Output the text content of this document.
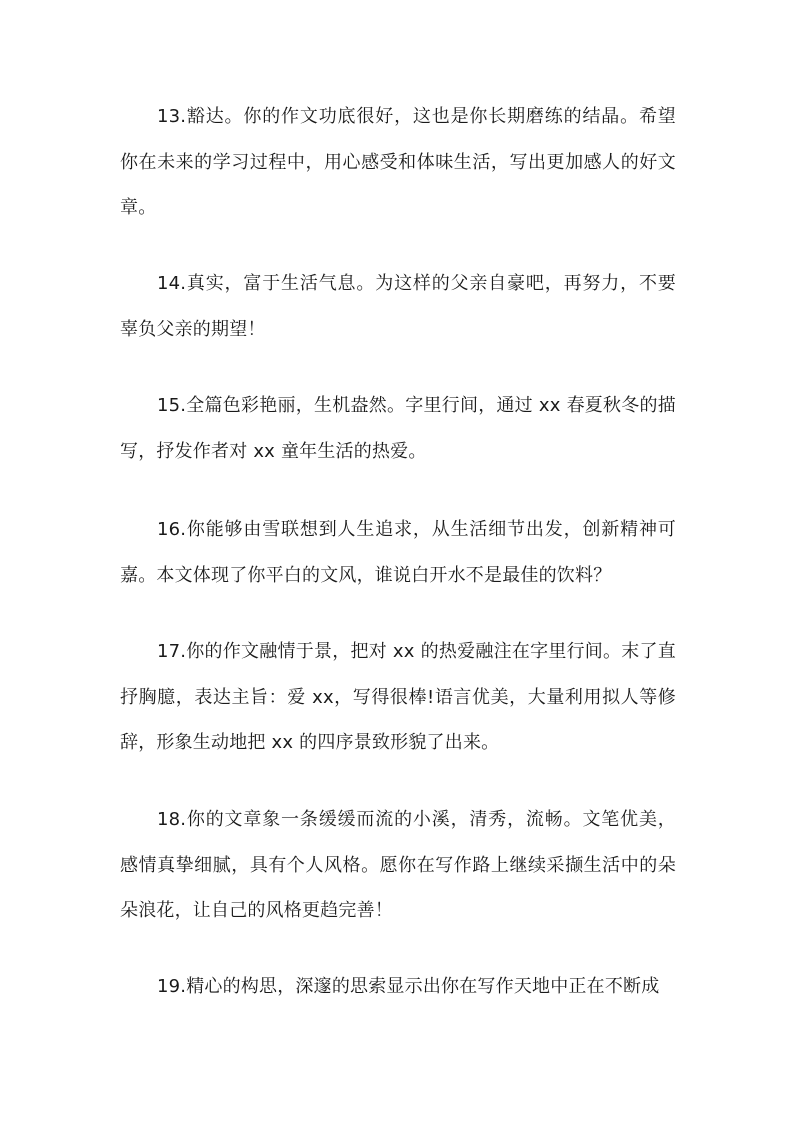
13.豁达。你的作文功底很好，这也是你长期磨练的结晶。希望你在未来的学习过程中，用心感受和体味生活，写出更加感人的好文章。

14.真实，富于生活气息。为这样的父亲自豪吧，再努力，不要辜负父亲的期望！

15.全篇色彩艳丽，生机盎然。字里行间，通过 xx 春夏秋冬的描写，抒发作者对 xx 童年生活的热爱。

16.你能够由雪联想到人生追求，从生活细节出发，创新精神可嘉。本文体现了你平白的文风，谁说白开水不是最佳的饮料？

17.你的作文融情于景，把对 xx 的热爱融注在字里行间。末了直抒胸臆，表达主旨：爱 xx，写得很棒!语言优美，大量利用拟人等修辞，形象生动地把 xx 的四序景致形貌了出来。

18.你的文章象一条缓缓而流的小溪，清秀，流畅。文笔优美，感情真挚细腻，具有个人风格。愿你在写作路上继续采撷生活中的朵朵浪花，让自己的风格更趋完善！

19.精心的构思，深邃的思索显示出你在写作天地中正在不断成
